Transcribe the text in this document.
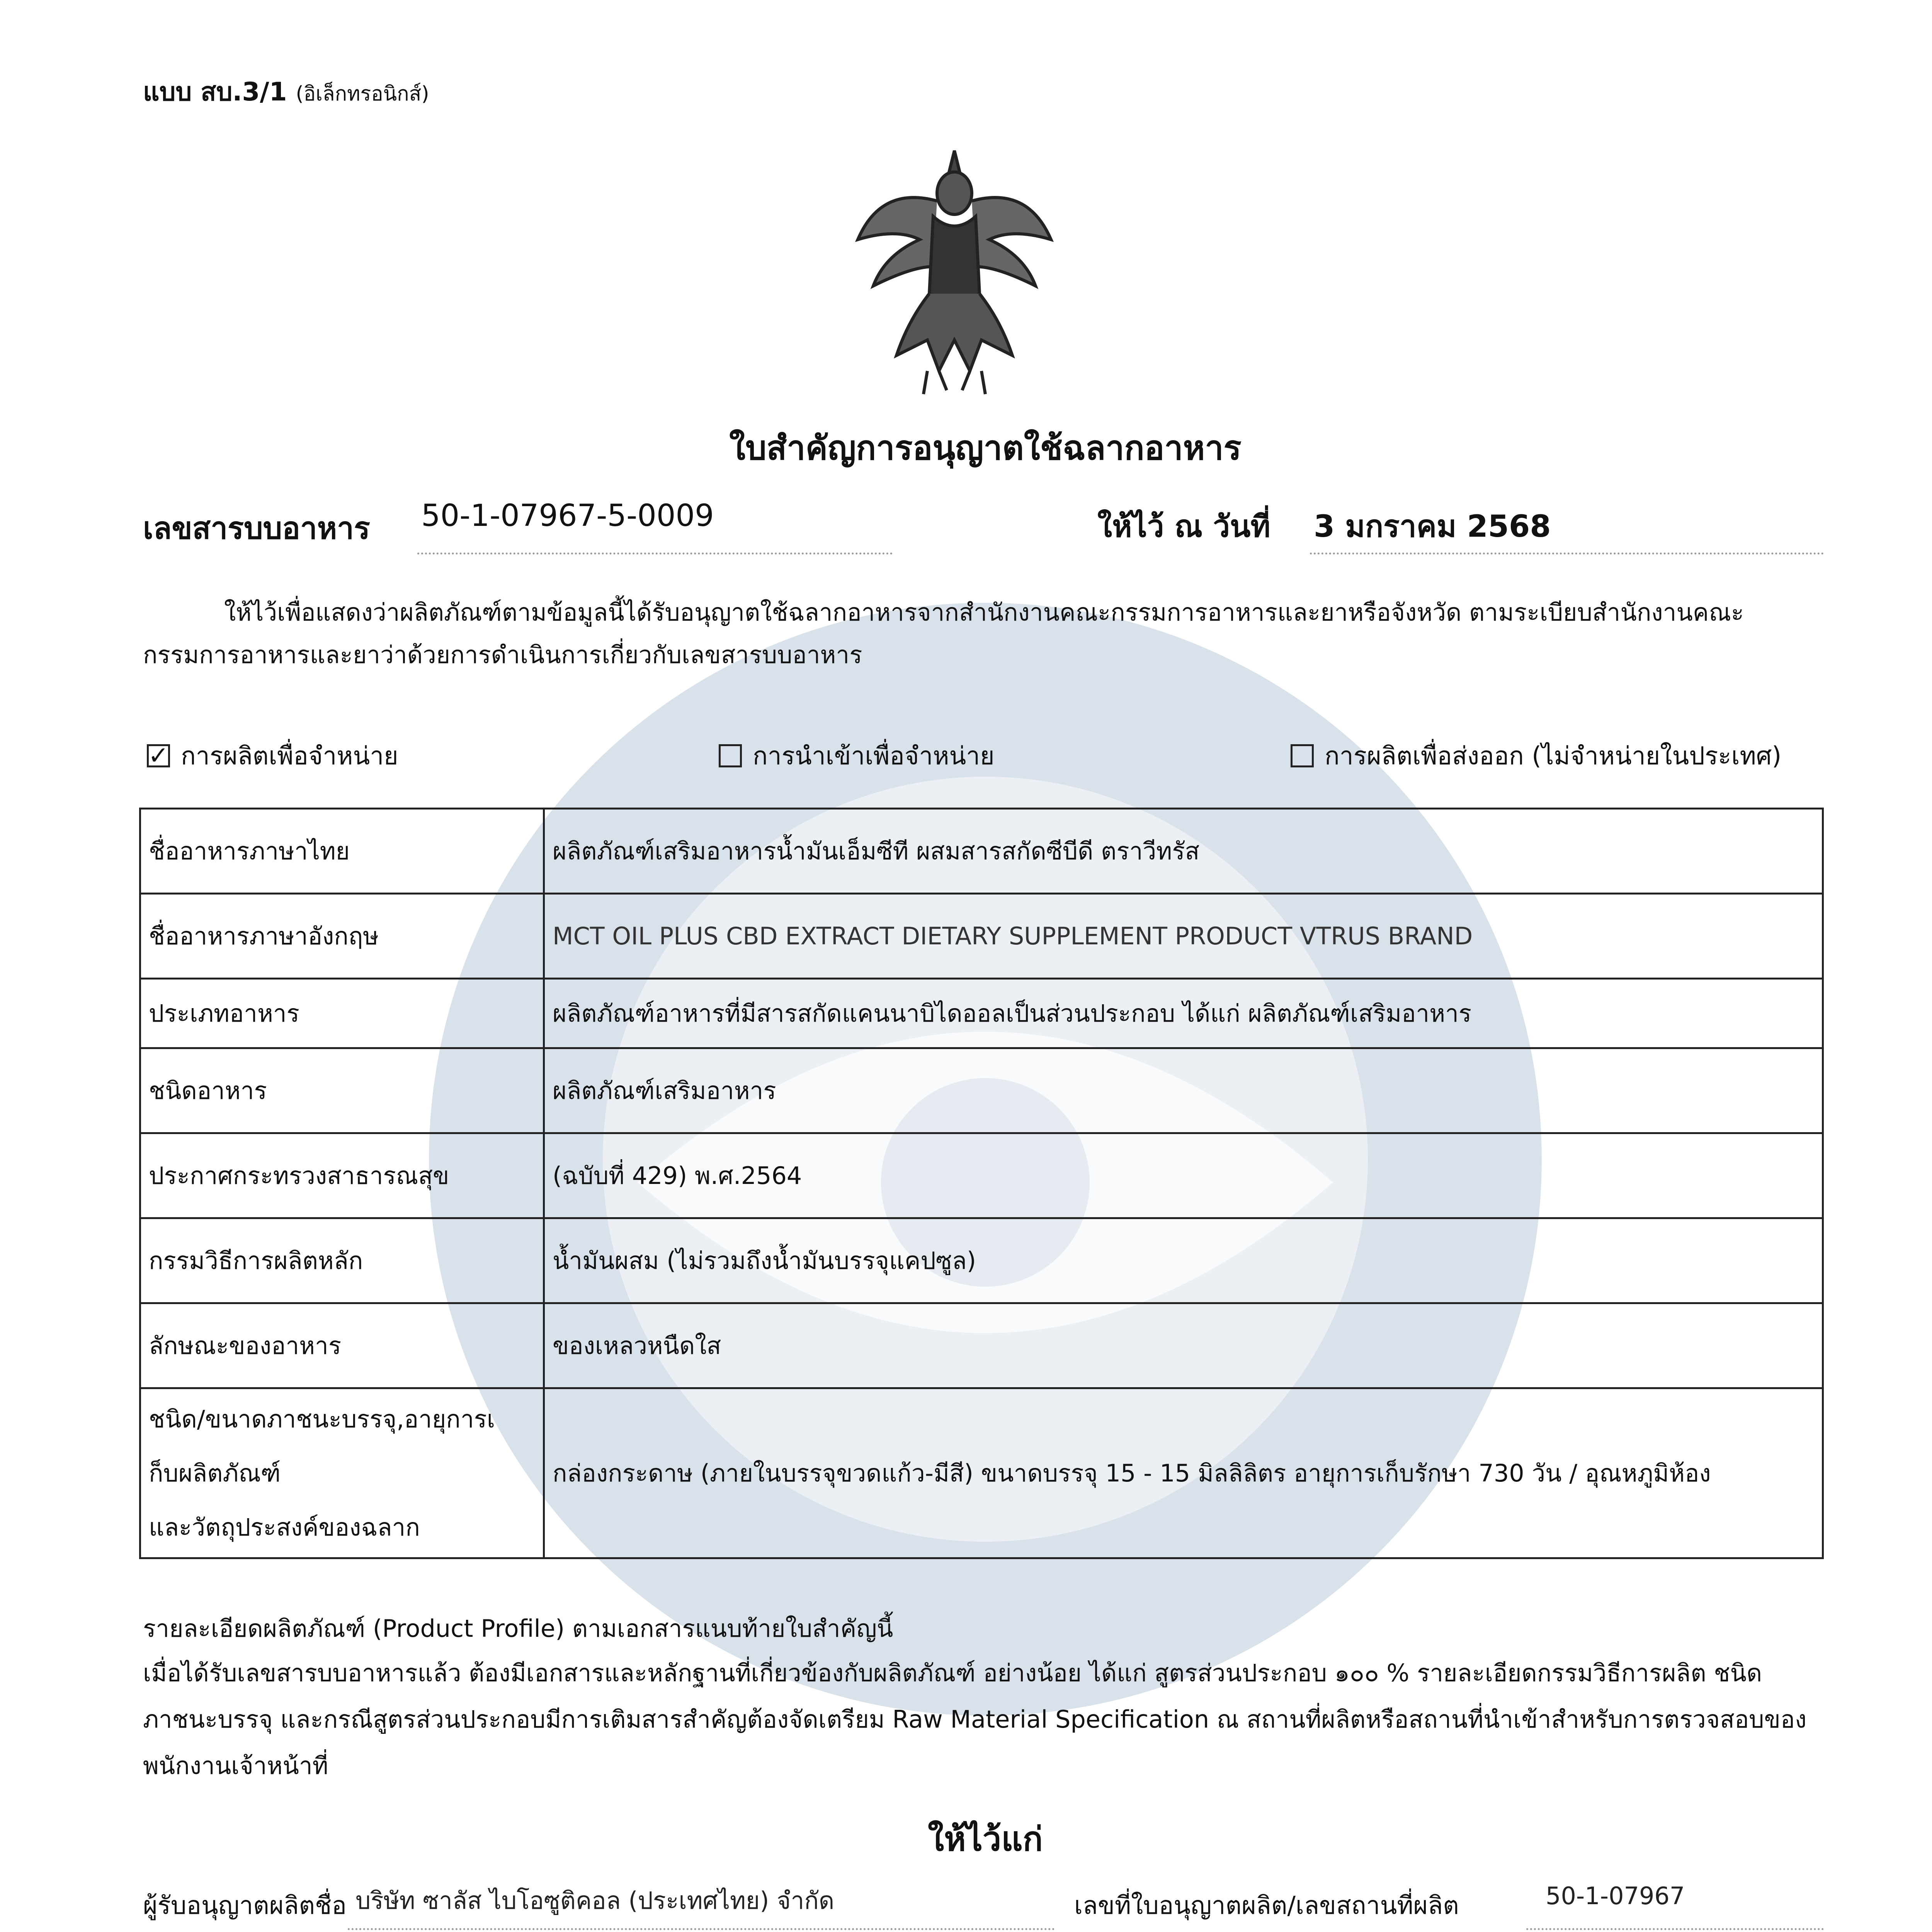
แบบ สบ.3/1 (อิเล็กทรอนิกส์)
ใบสำคัญการอนุญาตใช้ฉลากอาหาร
เลขสารบบอาหาร 50-1-07967-5-0009	ให้ไว้ ณ วันที่ 3 มกราคม 2568
ให้ไว้เพื่อแสดงว่าผลิตภัณฑ์ตามข้อมูลนี้ได้รับอนุญาตใช้ฉลากอาหารจากสำนักงานคณะกรรมการอาหารและยาหรือจังหวัด ตามระเบียบสำนักงานคณะกรรมการอาหารและยาว่าด้วยการดำเนินการเกี่ยวกับเลขสารบบอาหาร
✓ การผลิตเพื่อจำหน่าย	การนำเข้าเพื่อจำหน่าย	การผลิตเพื่อส่งออก (ไม่จำหน่ายในประเทศ)
ชื่ออาหารภาษาไทย	ผลิตภัณฑ์เสริมอาหารน้ำมันเอ็มซีที ผสมสารสกัดซีบีดี ตราวีทรัส
ชื่ออาหารภาษาอังกฤษ	MCT OIL PLUS CBD EXTRACT DIETARY SUPPLEMENT PRODUCT VTRUS BRAND
ประเภทอาหาร	ผลิตภัณฑ์อาหารที่มีสารสกัดแคนนาบิไดออลเป็นส่วนประกอบ ได้แก่ ผลิตภัณฑ์เสริมอาหาร
ชนิดอาหาร	ผลิตภัณฑ์เสริมอาหาร
ประกาศกระทรวงสาธารณสุข	(ฉบับที่ 429) พ.ศ.2564
กรรมวิธีการผลิตหลัก	น้ำมันผสม (ไม่รวมถึงน้ำมันบรรจุแคปซูล)
ลักษณะของอาหาร	ของเหลวหนืดใส

ชนิด/ขนาดภาชนะบรรจุ,อายุการเ
ก็บผลิตภัณฑ์
และวัตถุประสงค์ของฉลาก	กล่องกระดาษ (ภายในบรรจุขวดแก้ว-มีสี) ขนาดบรรจุ 15 - 15 มิลลิลิตร อายุการเก็บรักษา 730 วัน / อุณหภูมิห้อง
รายละเอียดผลิตภัณฑ์ (Product Profile) ตามเอกสารแนบท้ายใบสำคัญนี้
เมื่อได้รับเลขสารบบอาหารแล้ว ต้องมีเอกสารและหลักฐานที่เกี่ยวข้องกับผลิตภัณฑ์ อย่างน้อย ได้แก่ สูตรส่วนประกอบ ๑๐๐ % รายละเอียดกรรมวิธีการผลิต ชนิดภาชนะบรรจุ และกรณีสูตรส่วนประกอบมีการเติมสารสำคัญต้องจัดเตรียม Raw Material Specification ณ สถานที่ผลิตหรือสถานที่นำเข้าสำหรับการตรวจสอบของพนักงานเจ้าหน้าที่
ให้ไว้แก่
ผู้รับอนุญาตผลิตชื่อ บริษัท ซาลัส ไบโอซูติคอล (ประเทศไทย) จำกัด	เลขที่ใบอนุญาตผลิต/เลขสถานที่ผลิต	50-1-07967
